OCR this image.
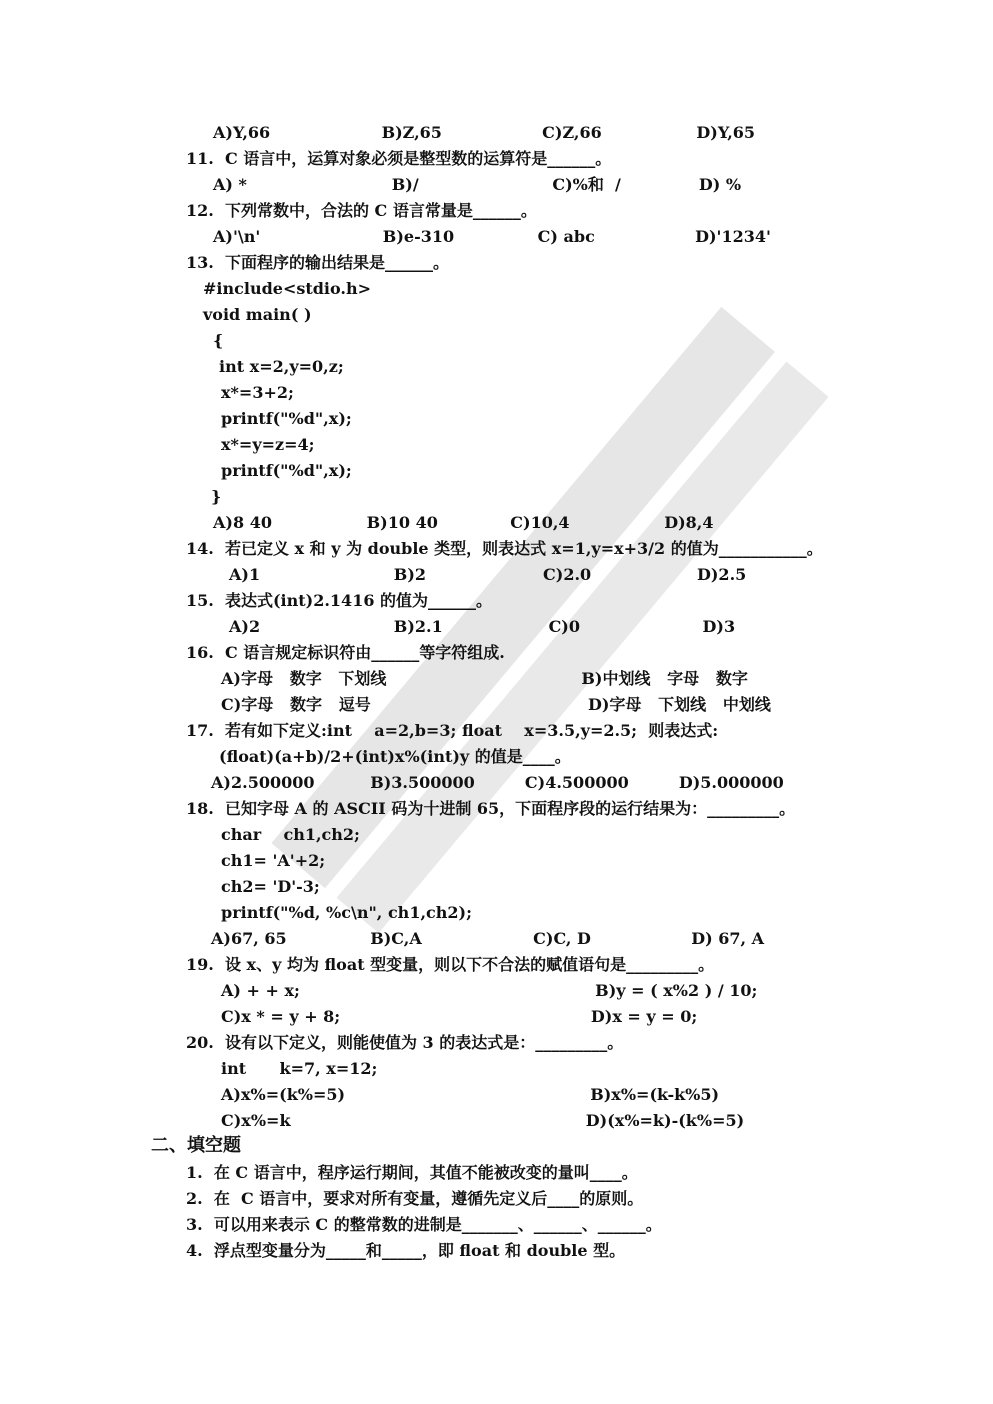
A)Y,66                    B)Z,65                  C)Z,66                 D)Y,65
11.  C 语言中，运算对象必须是整型数的运算符是______。
A) *                          B)/                        C)%和  /              D) %
12.  下列常数中，合法的 C 语言常量是______。
A)'\n'                      B)e-310               C) abc                  D)'1234'
13.  下面程序的输出结果是______。
#include<stdio.h>
void main( )
{
int x=2,y=0,z;
x*=3+2;
printf("%d",x);
x*=y=z=4;
printf("%d",x);
}
A)8 40                 B)10 40             C)10,4                 D)8,4
14.  若已定义 x 和 y 为 double 类型，则表达式 x=1,y=x+3/2 的值为___________。
A)1                        B)2                     C)2.0                   D)2.5
15.  表达式(int)2.1416 的值为______。
A)2                        B)2.1                   C)0                      D)3
16.  C 语言规定标识符由______等字符组成.
A)字母   数字   下划线                                   B)中划线   字母   数字
C)字母   数字   逗号                                       D)字母   下划线   中划线
17.  若有如下定义:int    a=2,b=3; float    x=3.5,y=2.5;  则表达式:
(float)(a+b)/2+(int)x%(int)y 的值是____。
A)2.500000          B)3.500000         C)4.500000         D)5.000000
18.  已知字母 A 的 ASCII 码为十进制 65，下面程序段的运行结果为：_________。
char    ch1,ch2;
ch1= 'A'+2;
ch2= 'D'-3;
printf("%d, %c\n", ch1,ch2);
A)67, 65               B)C,A                    C)C, D                  D) 67, A
19.  设 x、y 均为 float 型变量，则以下不合法的赋值语句是_________。
A) + + x;                                                     B)y = ( x%2 ) / 10;
C)x * = y + 8;                                             D)x = y = 0;
20.  设有以下定义，则能使值为 3 的表达式是：_________。
int      k=7, x=12;
A)x%=(k%=5)                                            B)x%=(k-k%5)
C)x%=k                                                     D)(x%=k)-(k%=5)
二、填空题
1.  在 C 语言中，程序运行期间，其值不能被改变的量叫____。
2.  在  C 语言中，要求对所有变量，遵循先定义后____的原则。
3.  可以用来表示 C 的整常数的进制是_______、______、______。
4.  浮点型变量分为_____和_____，即 float 和 double 型。
